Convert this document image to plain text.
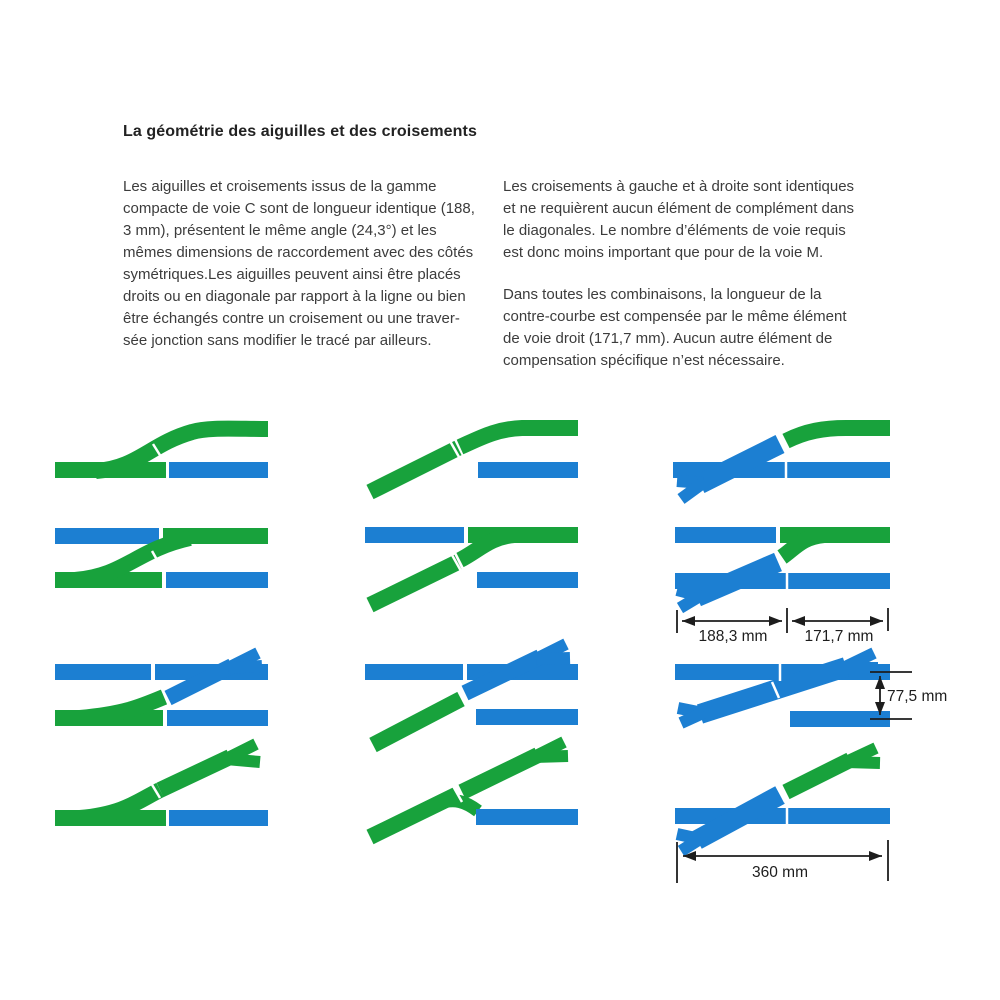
La géométrie des aiguilles et des croisements
Les aiguilles et croisements issus de la gamme
compacte de voie C sont de longueur identique (188,
3 mm), présentent le même angle (24,3°) et les
mêmes dimensions de raccordement avec des côtés
symétriques.Les aiguilles peuvent ainsi être placés
droits ou en diagonale par rapport à la ligne ou bien
être échangés contre un croisement ou une traver-
sée jonction sans modifier le tracé par ailleurs.
Les croisements à gauche et à droite sont identiques
et ne requièrent aucun élément de complément dans
le diagonales. Le nombre d’éléments de voie requis
est donc moins important que pour de la voie M.
Dans toutes les combinaisons, la longueur de la
contre-courbe est compensée par le même élément
de voie droit (171,7 mm). Aucun autre élément de
compensation spécifique n’est nécessaire.
188,3 mm 171,7 mm
77,5 mm
360 mm
